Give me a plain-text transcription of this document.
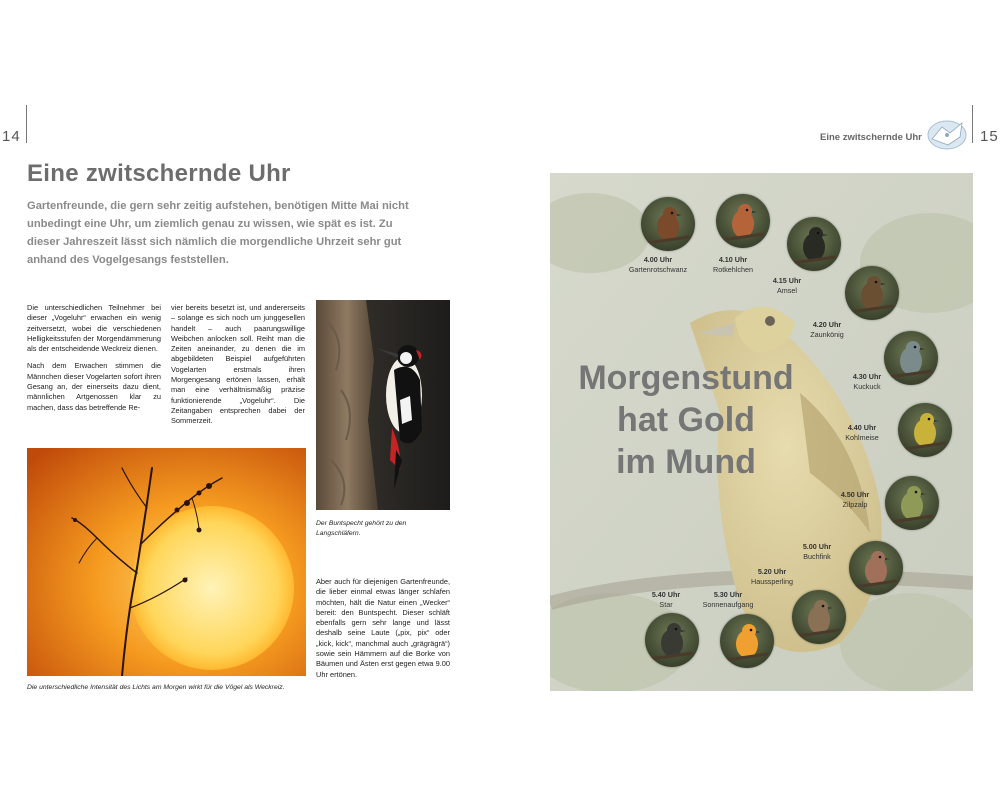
14	15
Eine zwitschernde Uhr
Eine zwitschernde Uhr
Gartenfreunde, die gern sehr zeitig aufstehen, benötigen Mitte Mai nicht unbedingt eine Uhr, um ziemlich genau zu wissen, wie spät es ist. Zu dieser Jahreszeit lässt sich nämlich die morgendliche Uhrzeit sehr gut anhand des Vogelgesangs feststellen.

Die unterschiedlichen Teilnehmer bei dieser „Vogeluhr“ erwachen ein wenig zeitversetzt, wobei die verschiedenen Helligkeitsstufen der Morgendämmerung als der entscheidende Weckreiz dienen.

Nach dem Erwachen stimmen die Männchen dieser Vogelarten sofort ihren Gesang an, der einerseits dazu dient, männlichen Artgenossen klar zu machen, dass das betreffende Re-

vier bereits besetzt ist, und andererseits – solange es sich noch um junggesellen handelt – auch paarungswillige Weibchen anlocken soll. Reiht man die Zeiten aneinander, zu denen die im abgebildeten Beispiel aufgeführten Vogelarten erstmals ihren Morgengesang ertönen lassen, erhält man eine verhältnismäßig präzise funktionierende „Vogeluhr“. Die Zeitangaben entsprechen dabei der Sommerzeit.

Der Buntspecht gehört zu den Langschläfern.
Die unterschiedliche Intensität des Lichts am Morgen wirkt für die Vögel als Weckreiz.

Aber auch für diejenigen Gartenfreunde, die lieber einmal etwas länger schlafen möchten, hält die Natur einen „Wecker“ bereit: den Buntspecht. Dieser schläft ebenfalls gern sehr lange und lässt deshalb seine Laute („pix, pix“ oder „kick, kick“, manchmal auch „grägrägrä“) sowie sein Hämmern auf die Borke von Bäumen und Ästen erst gegen etwa 9.00 Uhr ertönen.

Morgenstund
hat Gold
im Mund
4.00 Uhr
Gartenrotschwanz
4.10 Uhr
Rotkehlchen
4.15 Uhr
Amsel
4.20 Uhr
Zaunkönig
4.30 Uhr
Kuckuck
4.40 Uhr
Kohlmeise
4.50 Uhr
Zilpzalp
5.00 Uhr
Buchfink
5.20 Uhr
Haussperling
5.30 Uhr
Sonnenaufgang
5.40 Uhr
Star
